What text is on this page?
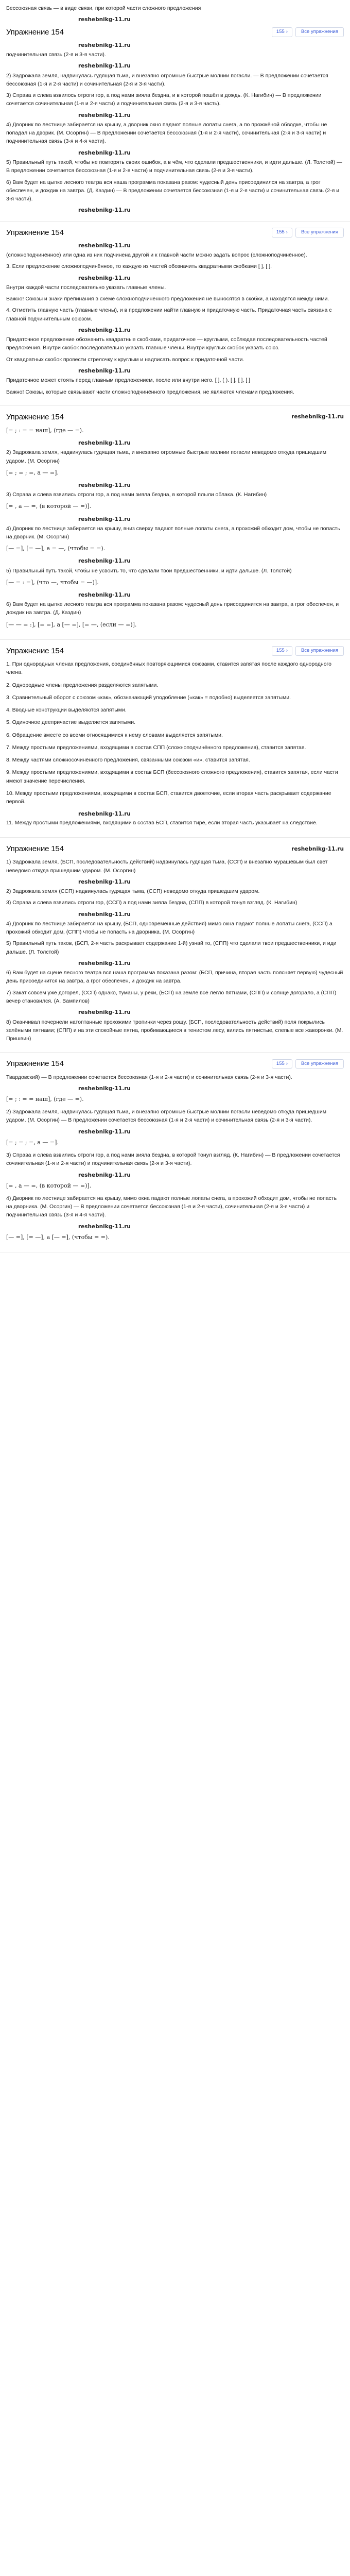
Бессоюзная связь — в виде связи, при которой части сложного предложения

reshebnikg-11.ru
Упражнение 154	155 ›	Все упражнения
reshebnikg-11.ru

подчинительная связь (2-я и 3-я части).

reshebnikg-11.ru

2) Задрожала земля, надвинулась гудящая тьма, и внезапно огромные быстрые молнии погасли. — В предложении сочетается бессоюзная (1-я и 2-я части) и сочинительная (2-я и 3-я части).

3) Справа и слева взвилось отроги гор, а под нами зияла бездна, и в которой пошёл в дождь. (К. Нагибин) — В предложении сочетается сочинительная (1-я и 2-я части) и подчинительная связь (2-я и 3-я часть).

reshebnikg-11.ru

4) Дворник по лестнице забирается на крышу, а дворник окно падают полные лопаты снега, а по прожжёной обводке, чтобы не попадал на дворик. (М. Осоргин) — В предложении сочетается бессоюзная (1-я и 2-я части), сочинительная (2-я и 3-я части) и подчинительная связь (3-я и 4-я части).

reshebnikg-11.ru

5) Правильный путь такой, чтобы не повторять своих ошибок, а в чём, что сделали предшественники, и идти дальше. (Л. Толстой) — В предложении сочетается бессоюзная (1-я и 2-я части) и подчинительная связь (2-я и 3-я части).

6) Вам будет на цыпке лесного театра вся наша программа показана разом: чудесный день присоединился на завтра, а грог обеспечен, и дождик на завтра. (Д. Каздин) — В предложении сочетается бессоюзная (1-я и 2-я части) и сочинительная связь (2-я и 3-я части).

reshebnikg-11.ru
Упражнение 154	155 ›	Все упражнения
reshebnikg-11.ru

(сложноподчинённое) или одна из них подчинена другой и к главной части можно задать вопрос (сложноподчинённое).

3. Если предложение сложноподчинённое, то каждую из частей обозначить квадратными скобками [ ], [ ].

reshebnikg-11.ru

Внутри каждой части последовательно указать главные члены.

Важно! Союзы и знаки препинания в схеме сложноподчинённого предложения не выносятся в скобки, а находятся между ними.

4. Отметить главную часть (главные члены), и в предложении найти главную и придаточную часть. Придаточная часть связана с главной подчинительным союзом.

reshebnikg-11.ru

Придаточное предложение обозначить квадратные скобками, придаточное — круглыми, соблюдая последовательность частей предложения. Внутри скобок последовательно указать главные члены. Внутри круглых скобок указать союз.

От квадратных скобок провести стрелочку к круглым и надписать вопрос к придаточной части.

reshebnikg-11.ru

Придаточное может стоять перед главным предложением, после или внутри него. [ ], ( ). [ ], [ ], [ ]

Важно! Союзы, которые связывают части сложноподчинённого предложения, не являются членами предложения.

Упражнение 154	reshebnikg-11.ru

[= ; : = = наш], (где — =).

reshebnikg-11.ru

2) Задрожала земля, надвинулась гудящая тьма, и внезапно огромные быстрые молнии погасли неведомо откуда пришедшим ударом. (М. Осоргин)

[= ; = ; =, а — =].

reshebnikg-11.ru

3) Справа и слева взвились отроги гор, а под нами зияла бездна, в которой плыли облака. (К. Нагибин)

[= , а — =, (в которой — =)].

reshebnikg-11.ru

4) Дворник по лестнице забирается на крышу, вниз сверху падают полные лопаты снега, а прохожий обходит дом, чтобы не попасть на дворник. (М. Осоргин)

[— =], [= —], а = —, (чтобы = =).

reshebnikg-11.ru

5) Правильный путь такой, чтобы не усвоить то, что сделали твои предшественники, и идти дальше. (Л. Толстой)

[— = : =], (что —, чтобы = —)].

reshebnikg-11.ru

6) Вам будет на цыпке лесного театра вся программа показана разом: чудесный день присоединится на завтра, а грог обеспечен, и дождик на завтра. (Д. Каздин)

[— — = :], [= =], а [— =], [= —, (если — =)].

Упражнение 154	155 ›	Все упражнения
1. При однородных членах предложения, соединённых повторяющимися союзами, ставится запятая после каждого однородного члена.
2. Однородные члены предложения разделяются запятыми.
3. Сравнительный оборот с союзом «как», обозначающий уподобление («как» = подобно) выделяется запятыми.
4. Вводные конструкции выделяются запятыми.
5. Одиночное деепричастие выделяется запятыми.
6. Обращение вместе со всеми относящимися к нему словами выделяется запятыми.
7. Между простыми предложениями, входящими в состав СПП (сложноподчинённого предложения), ставится запятая.
8. Между частями сложносочинённого предложения, связанными союзом «и», ставится запятая.
9. Между простыми предложениями, входящими в состав БСП (бессоюзного сложного предложения), ставится запятая, если части имеют значение перечисления.
10. Между простыми предложениями, входящими в состав БСП, ставится двоеточие, если вторая часть раскрывает содержание первой.
reshebnikg-11.ru
11. Между простыми предложениями, входящими в состав БСП, ставится тире, если вторая часть указывает на следствие.
Упражнение 154	reshebnikg-11.ru

1) Задрожала земля, (БСП, последовательность действий) надвинулась гудящая тьма, (ССП) и внезапно мурашёвым был свет неведомо откуда пришедшим ударом. (М. Осоргин)

reshebnikg-11.ru

2) Задрожала земля (ССП) надвинулась гудящая тьма, (ССП) неведомо откуда пришедшим ударом.

3) Справа и слева взвились отроги гор, (ССП) а под нами зияла бездна, (СПП) в которой тонул взгляд. (К. Нагибин)

reshebnikg-11.ru

4) Дворник по лестнице забирается на крышу, (БСП, одновременные действия) мимо окна падают полные лопаты снега, (ССП) а прохожий обходит дом, (СПП) чтобы не попасть на дворника. (М. Осоргин)

5) Правильный путь таков, (БСП, 2-я часть раскрывает содержание 1-й) узнай то, (СПП) что сделали твои предшественники, и иди дальше. (Л. Толстой)

reshebnikg-11.ru

6) Вам будет на сцене лесного театра вся наша программа показана разом: (БСП, причина, вторая часть поясняет первую) чудесный день присоединится на завтра, а грог обеспечен, и дождик на завтра.

7) Закат совсем уже догорел, (ССП) однако, туманы, у реки, (БСП) на земле всё легло пятнами, (СПП) и солнце догорало, а (СПП) вечер становился. (А. Вампилов)

reshebnikg-11.ru

8) Оканчивал почернели натоптанные прохожими тропинки через рощу. (БСП, последовательность действий) поля покрылись зелёными пятнами; (СПП) и на эти спокойные пятна, пробивающиеся в тенистом лесу, вились пятнистые, слепые все жаворонки. (М. Пришвин)

Упражнение 154	155 ›	Все упражнения

Твардовский) — В предложении сочетается бессоюзная (1-я и 2-я части) и сочинительная связь (2-я и 3-я части).

reshebnikg-11.ru

[= ; : = = наш], (где — =).

2) Задрожала земля, надвинулась гудящая тьма, и внезапно огромные быстрые молнии погасли неведомо откуда пришедшим ударом. (М. Осоргин) — В предложении сочетается бессоюзная (1-я и 2-я части) и сочинительная связь (2-я и 3-я части).

reshebnikg-11.ru

[= ; = ; =, а — =].

3) Справа и слева взвились отроги гор, а под нами зияла бездна, в которой тонул взгляд. (К. Нагибин) — В предложении сочетается сочинительная (1-я и 2-я части) и подчинительная связь (2-я и 3-я части).

reshebnikg-11.ru

[= , а — =, (в которой — =)].

4) Дворник по лестнице забирается на крышу, мимо окна падают полные лопаты снега, а прохожий обходит дом, чтобы не попасть на дворника. (М. Осоргин) — В предложении сочетается бессоюзная (1-я и 2-я части), сочинительная (2-я и 3-я части) и подчинительная связь (3-я и 4-я части).

reshebnikg-11.ru

[— =], [= —], а [— =], (чтобы = =).
